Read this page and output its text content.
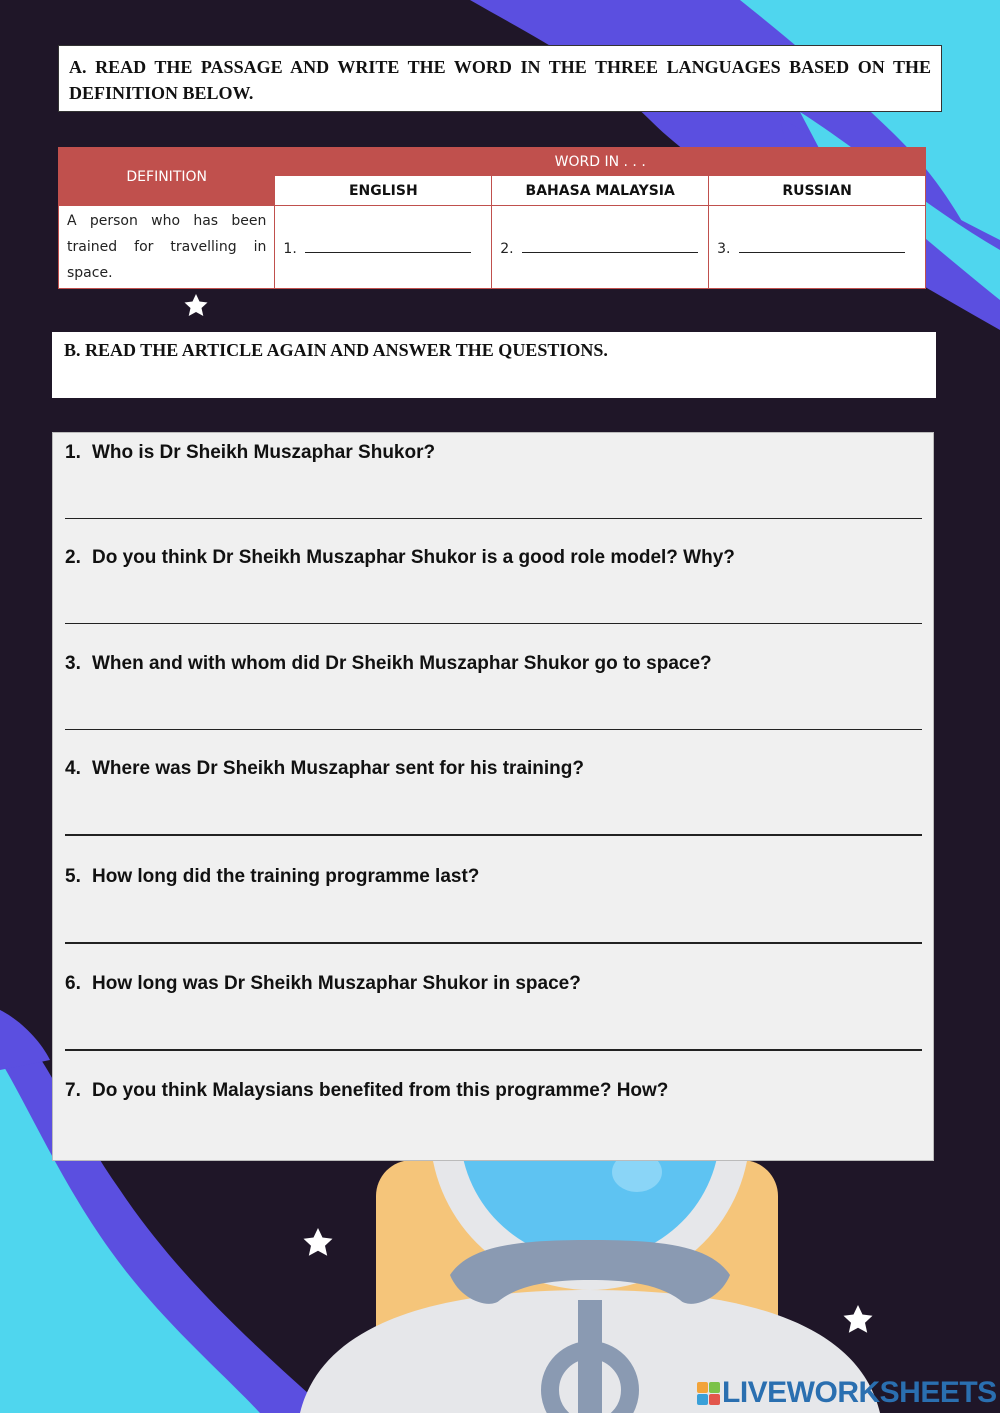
A. READ THE PASSAGE AND WRITE THE WORD IN THE THREE LANGUAGES BASED ON THE DEFINITION BELOW.
DEFINITION	WORD IN . . .		
	ENGLISH	BAHASA MALAYSIA	RUSSIAN
A person who has been trained for travelling in space.	1.	2.	3.
B. READ THE ARTICLE AGAIN AND ANSWER THE QUESTIONS.
1. Who is Dr Sheikh Muszaphar Shukor?
2. Do you think Dr Sheikh Muszaphar Shukor is a good role model? Why?
3. When and with whom did Dr Sheikh Muszaphar Shukor go to space?
4. Where was Dr Sheikh Muszaphar sent for his training?
5. How long did the training programme last?
6. How long was Dr Sheikh Muszaphar Shukor in space?
7. Do you think Malaysians benefited from this programme? How?
LIVEWORKSHEETS
